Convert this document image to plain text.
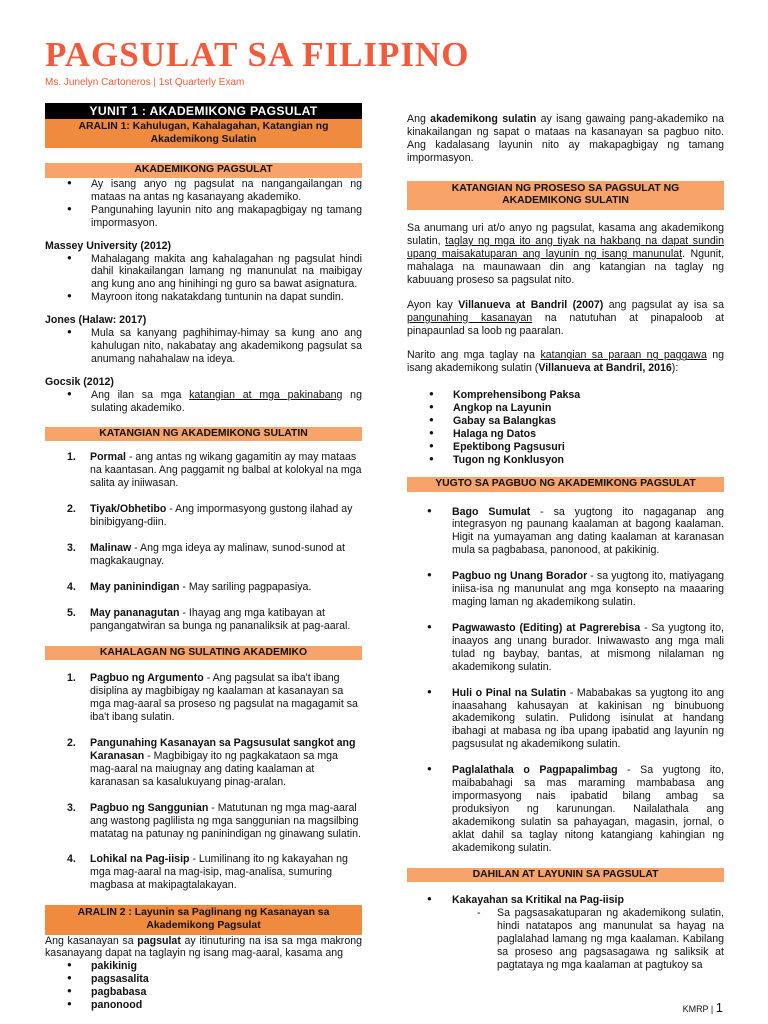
PAGSULAT SA FILIPINO
Ms. Junelyn Cartoneros | 1st Quarterly Exam
YUNIT 1 : AKADEMIKONG PAGSULAT
ARALIN 1: Kahulugan, Kahalagahan, Katangian ng Akademikong Sulatin
AKADEMIKONG PAGSULAT
● Ay isang anyo ng pagsulat na nangangailangan ng mataas na antas ng kasanayang akademiko.
● Pangunahing layunin nito ang makapagbigay ng tamang impormasyon.
Massey University (2012)
● Mahalagang makita ang kahalagahan ng pagsulat hindi dahil kinakailangan lamang ng manunulat na maibigay ang kung ano ang hinihingi ng guro sa bawat asignatura.
● Mayroon itong nakatakdang tuntunin na dapat sundin.
Jones (Halaw: 2017)
● Mula sa kanyang paghihimay-himay sa kung ano ang kahulugan nito, nakabatay ang akademikong pagsulat sa anumang nahahalaw na ideya.
Gocsik (2012)
● Ang ilan sa mga katangian at mga pakinabang ng sulating akademiko.
KATANGIAN NG AKADEMIKONG SULATIN
1. Pormal - ang antas ng wikang gagamitin ay may mataas na kaantasan. Ang paggamit ng balbal at kolokyal na mga salita ay iniiwasan.
2. Tiyak/Obhetibo - Ang impormasyong gustong ilahad ay binibigyang-diin.
3. Malinaw - Ang mga ideya ay malinaw, sunod-sunod at magkakaugnay.
4. May paninindigan - May sariling pagpapasiya.
5. May pananagutan - Ihayag ang mga katibayan at pangangatwiran sa bunga ng pananaliksik at pag-aaral.
KAHALAGAN NG SULATING AKADEMIKO
1. Pagbuo ng Argumento - Ang pagsulat sa iba't ibang disiplina ay magbibigay ng kaalaman at kasanayan sa mga mag-aaral sa proseso ng pagsulat na magagamit sa iba't ibang sulatin.
2. Pangunahing Kasanayan sa Pagsusulat sangkot ang Karanasan - Magbibigay ito ng pagkakataon sa mga mag-aaral na maiugnay ang dating kaalaman at karanasan sa kasalukuyang pinag-aralan.
3. Pagbuo ng Sanggunian - Matutunan ng mga mag-aaral ang wastong paglilista ng mga sanggunian na magsilbing matatag na patunay ng paninindigan ng ginawang sulatin.
4. Lohikal na Pag-iisip - Lumilinang ito ng kakayahan ng mga mag-aaral na mag-isip, mag-analisa, sumuring magbasa at makipagtalakayan.
ARALIN 2 : Layunin sa Paglinang ng Kasanayan sa Akademikong Pagsulat

Ang kasanayan sa pagsulat ay itinuturing na isa sa mga makrong kasanayang dapat na taglayin ng isang mag-aaral, kasama ang

● pakikinig
● pagsasalita
● pagbabasa
● panonood

Ang akademikong sulatin ay isang gawaing pang-akademiko na kinakailangan ng sapat o mataas na kasanayan sa pagbuo nito. Ang kadalasang layunin nito ay makapagbigay ng tamang impormasyon.

KATANGIAN NG PROSESO SA PAGSULAT NG AKADEMIKONG SULATIN

Sa anumang uri at/o anyo ng pagsulat, kasama ang akademikong sulatin, taglay ng mga ito ang tiyak na hakbang na dapat sundin upang maisakatuparan ang layunin ng isang manunulat. Ngunit, mahalaga na maunawaan din ang katangian na taglay ng kabuuang proseso sa pagsulat nito.

Ayon kay Villanueva at Bandril (2007) ang pagsulat ay isa sa pangunahing kasanayan na natutuhan at pinapaloob at pinapaunlad sa loob ng paaralan.

Narito ang mga taglay na katangian sa paraan ng paggawa ng isang akademikong sulatin (Villanueva at Bandril, 2016):

● Komprehensibong Paksa
● Angkop na Layunin
● Gabay sa Balangkas
● Halaga ng Datos
● Epektibong Pagsusuri
● Tugon ng Konklusyon
YUGTO SA PAGBUO NG AKADEMIKONG PAGSULAT
● Bago Sumulat - sa yugtong ito nagaganap ang integrasyon ng paunang kaalaman at bagong kaalaman. Higit na yumayaman ang dating kaalaman at karanasan mula sa pagbabasa, panonood, at pakikinig.
● Pagbuo ng Unang Borador - sa yugtong ito, matiyagang iniisa-isa ng manunulat ang mga konsepto na maaaring maging laman ng akademikong sulatin.
● Pagwawasto (Editing) at Pagrerebisa - Sa yugtong ito, inaayos ang unang burador. Iniwawasto ang mga mali tulad ng baybay, bantas, at mismong nilalaman ng akademikong sulatin.
● Huli o Pinal na Sulatin - Mababakas sa yugtong ito ang inaasahang kahusayan at kakinisan ng binubuong akademikong sulatin. Pulidong isinulat at handang ibahagi at mabasa ng iba upang ipabatid ang layunin ng pagsusulat ng akademikong sulatin.
● Paglalathala o Pagpapalimbag - Sa yugtong ito, maibabahagi sa mas maraming mambabasa ang impormasyong nais ipabatid bilang ambag sa produksiyon ng karunungan. Nailalathala ang akademikong sulatin sa pahayagan, magasin, jornal, o aklat dahil sa taglay nitong katangiang kahingian ng akademikong sulatin.
DAHILAN AT LAYUNIN SA PAGSULAT
● Kakayahan sa Kritikal na Pag-iisip

- Sa pagsasakatuparan ng akademikong sulatin, hindi natatapos ang manunulat sa hayag na paglalahad lamang ng mga kaalaman. Kabilang sa proseso ang pagsasagawa ng saliksik at pagtataya ng mga kaalaman at pagtukoy sa

KMRP | 1
